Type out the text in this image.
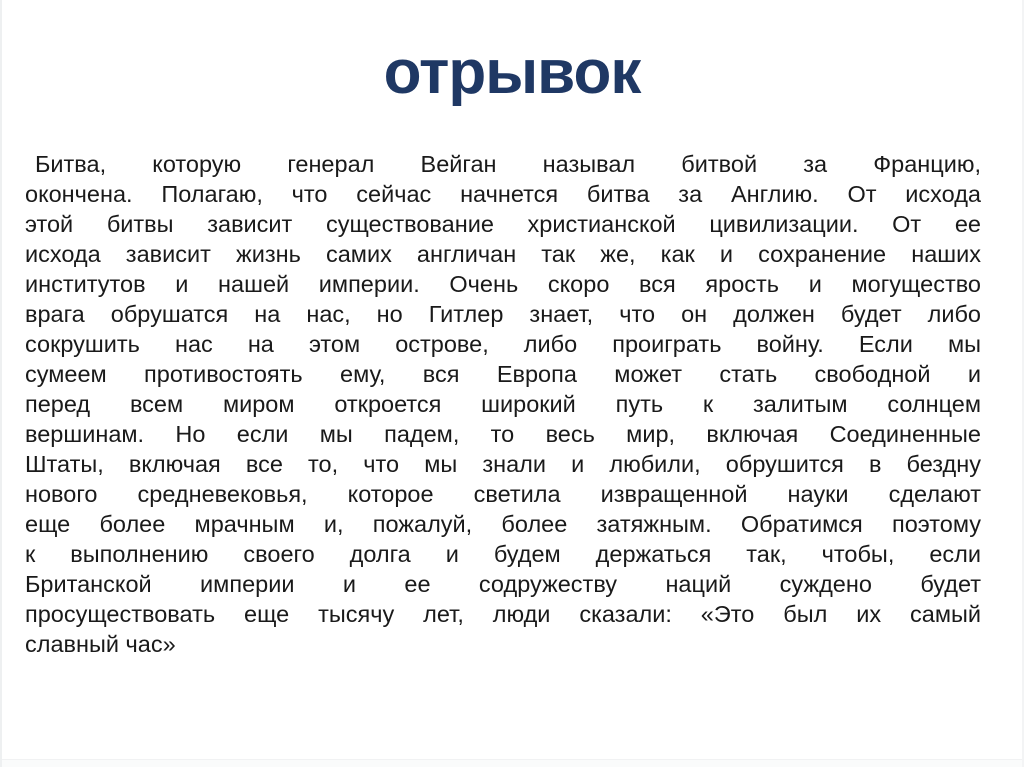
отрывок
Битва, которую генерал Вейган называл битвой за Францию,
окончена. Полагаю, что сейчас начнется битва за Англию. От исхода
этой битвы зависит существование христианской цивилизации. От ее
исхода зависит жизнь самих англичан так же, как и сохранение наших
институтов и нашей империи. Очень скоро вся ярость и могущество
врага обрушатся на нас, но Гитлер знает, что он должен будет либо
сокрушить нас на этом острове, либо проиграть войну. Если мы
сумеем противостоять ему, вся Европа может стать свободной и
перед всем миром откроется широкий путь к залитым солнцем
вершинам. Но если мы падем, то весь мир, включая Соединенные
Штаты, включая все то, что мы знали и любили, обрушится в бездну
нового средневековья, которое светила извращенной науки сделают
еще более мрачным и, пожалуй, более затяжным. Обратимся поэтому
к выполнению своего долга и будем держаться так, чтобы, если
Британской империи и ее содружеству наций суждено будет
просуществовать еще тысячу лет, люди сказали: «Это был их самый
славный час»
